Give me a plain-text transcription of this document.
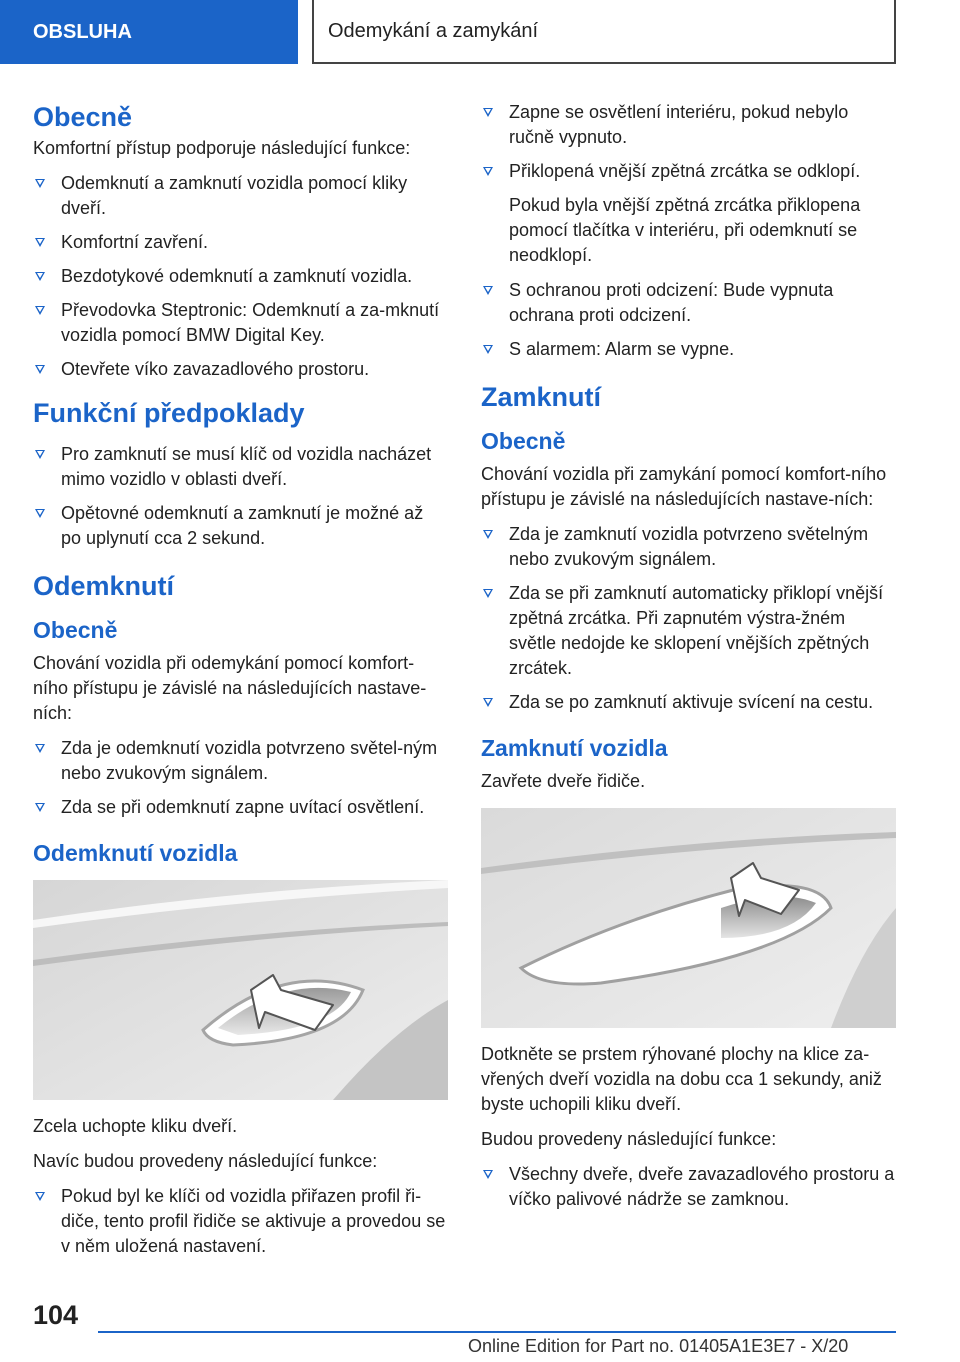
OBSLUHA	Odemykání a zamykání
Obecně

Komfortní přístup podporuje následující funkce:

Odemknutí a zamknutí vozidla pomocí kliky dveří.
Komfortní zavření.
Bezdotykové odemknutí a zamknutí vozidla.
Převodovka Steptronic: Odemknutí a za-mknutí vozidla pomocí BMW Digital Key.
Otevřete víko zavazadlového prostoru.
Funkční předpoklady
Pro zamknutí se musí klíč od vozidla nacházet mimo vozidlo v oblasti dveří.
Opětovné odemknutí a zamknutí je možné až po uplynutí cca 2 sekund.
Odemknutí
Obecně

Chování vozidla při odemykání pomocí komfort-ního přístupu je závislé na následujících nastave-ních:

Zda je odemknutí vozidla potvrzeno světel-ným nebo zvukovým signálem.
Zda se při odemknutí zapne uvítací osvětlení.
Odemknutí vozidla

Zcela uchopte kliku dveří.

Navíc budou provedeny následující funkce:

Pokud byl ke klíči od vozidla přiřazen profil ři-diče, tento profil řidiče se aktivuje a provedou se v něm uložená nastavení.
Zapne se osvětlení interiéru, pokud nebylo ručně vypnuto.
Přiklopená vnější zpětná zrcátka se odklopí.

Pokud byla vnější zpětná zrcátka přiklopena pomocí tlačítka v interiéru, při odemknutí se neodklopí.

S ochranou proti odcizení: Bude vypnuta ochrana proti odcizení.
S alarmem: Alarm se vypne.
Zamknutí
Obecně

Chování vozidla při zamykání pomocí komfort-ního přístupu je závislé na následujících nastave-ních:

Zda je zamknutí vozidla potvrzeno světelným nebo zvukovým signálem.
Zda se při zamknutí automaticky přiklopí vnější zpětná zrcátka. Při zapnutém výstra-žném světle nedojde ke sklopení vnějších zpětných zrcátek.
Zda se po zamknutí aktivuje svícení na cestu.
Zamknutí vozidla

Zavřete dveře řidiče.

Dotkněte se prstem rýhované plochy na klice za-vřených dveří vozidla na dobu cca 1 sekundy, aniž byste uchopili kliku dveří.

Budou provedeny následující funkce:

Všechny dveře, dveře zavazadlového prostoru a víčko palivové nádrže se zamknou.
104
Online Edition for Part no. 01405A1E3E7 - X/20
